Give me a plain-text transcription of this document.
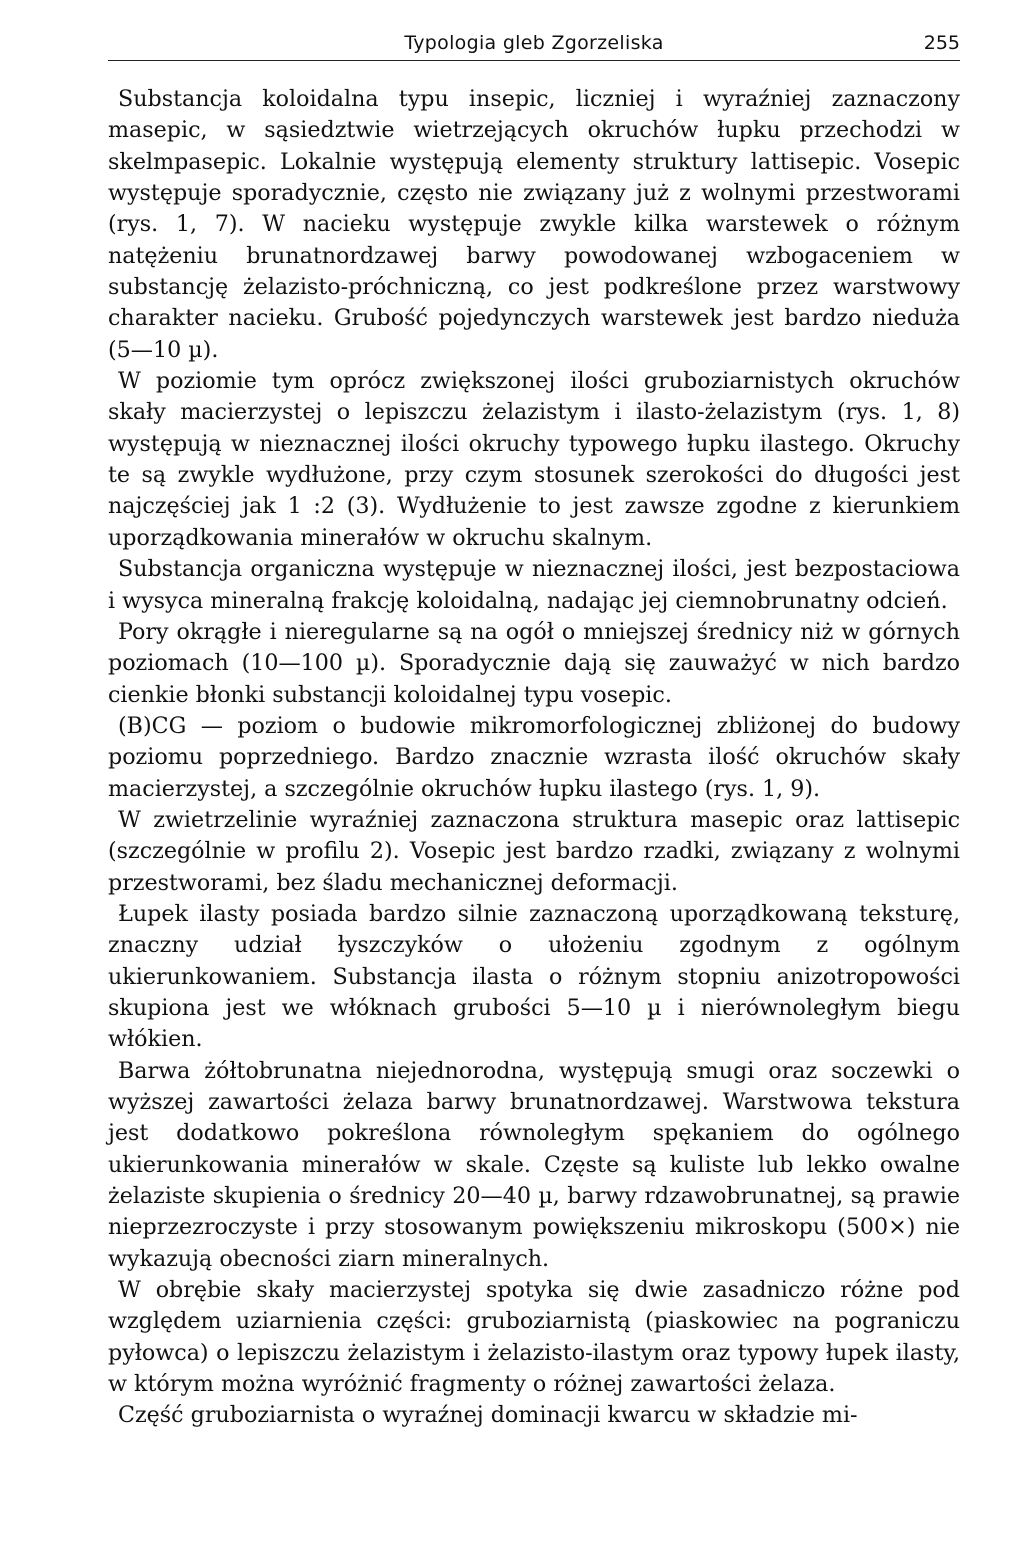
Typologia gleb Zgorzeliska	255

Substancja koloidalna typu insepic, liczniej i wyraźniej zaznaczony masepic, w sąsiedztwie wietrzejących okruchów łupku przechodzi w skelmpasepic. Lokalnie występują elementy struktury lattisepic. Vosepic występuje sporadycznie, często nie związany już z wolnymi przestworami (rys. 1, 7). W nacieku występuje zwykle kilka warstewek o różnym natężeniu brunatnordzawej barwy powodowanej wzbogaceniem w substancję żelazisto-próchniczną, co jest podkreślone przez warstwowy charakter nacieku. Grubość pojedynczych warstewek jest bardzo nieduża (5—10 µ).

W poziomie tym oprócz zwiększonej ilości gruboziarnistych okruchów skały macierzystej o lepiszczu żelazistym i ilasto-żelazistym (rys. 1, 8) występują w nieznacznej ilości okruchy typowego łupku ilastego. Okruchy te są zwykle wydłużone, przy czym stosunek szerokości do długości jest najczęściej jak 1 :2 (3). Wydłużenie to jest zawsze zgodne z kierunkiem uporządkowania minerałów w okruchu skalnym.

Substancja organiczna występuje w nieznacznej ilości, jest bezpostaciowa i wysyca mineralną frakcję koloidalną, nadając jej ciemnobrunatny odcień.

Pory okrągłe i nieregularne są na ogół o mniejszej średnicy niż w górnych poziomach (10—100 µ). Sporadycznie dają się zauważyć w nich bardzo cienkie błonki substancji koloidalnej typu vosepic.

(B)CG — poziom o budowie mikromorfologicznej zbliżonej do budowy poziomu poprzedniego. Bardzo znacznie wzrasta ilość okruchów skały macierzystej, a szczególnie okruchów łupku ilastego (rys. 1, 9).

W zwietrzelinie wyraźniej zaznaczona struktura masepic oraz lattisepic (szczególnie w profilu 2). Vosepic jest bardzo rzadki, związany z wolnymi przestworami, bez śladu mechanicznej deformacji.

Łupek ilasty posiada bardzo silnie zaznaczoną uporządkowaną teksturę, znaczny udział łyszczyków o ułożeniu zgodnym z ogólnym ukierunkowaniem. Substancja ilasta o różnym stopniu anizotropowości skupiona jest we włóknach grubości 5—10 µ i nierównoległym biegu włókien.

Barwa żółtobrunatna niejednorodna, występują smugi oraz soczewki o wyższej zawartości żelaza barwy brunatnordzawej. Warstwowa tekstura jest dodatkowo pokreślona równoległym spękaniem do ogólnego ukierunkowania minerałów w skale. Częste są kuliste lub lekko owalne żelaziste skupienia o średnicy 20—40 µ, barwy rdzawobrunatnej, są prawie nieprzezroczyste i przy stosowanym powiększeniu mikroskopu (500×) nie wykazują obecności ziarn mineralnych.

W obrębie skały macierzystej spotyka się dwie zasadniczo różne pod względem uziarnienia części: gruboziarnistą (piaskowiec na pograniczu pyłowca) o lepiszczu żelazistym i żelazisto-ilastym oraz typowy łupek ilasty, w którym można wyróżnić fragmenty o różnej zawartości żelaza.

Część gruboziarnista o wyraźnej dominacji kwarcu w składzie mi-
